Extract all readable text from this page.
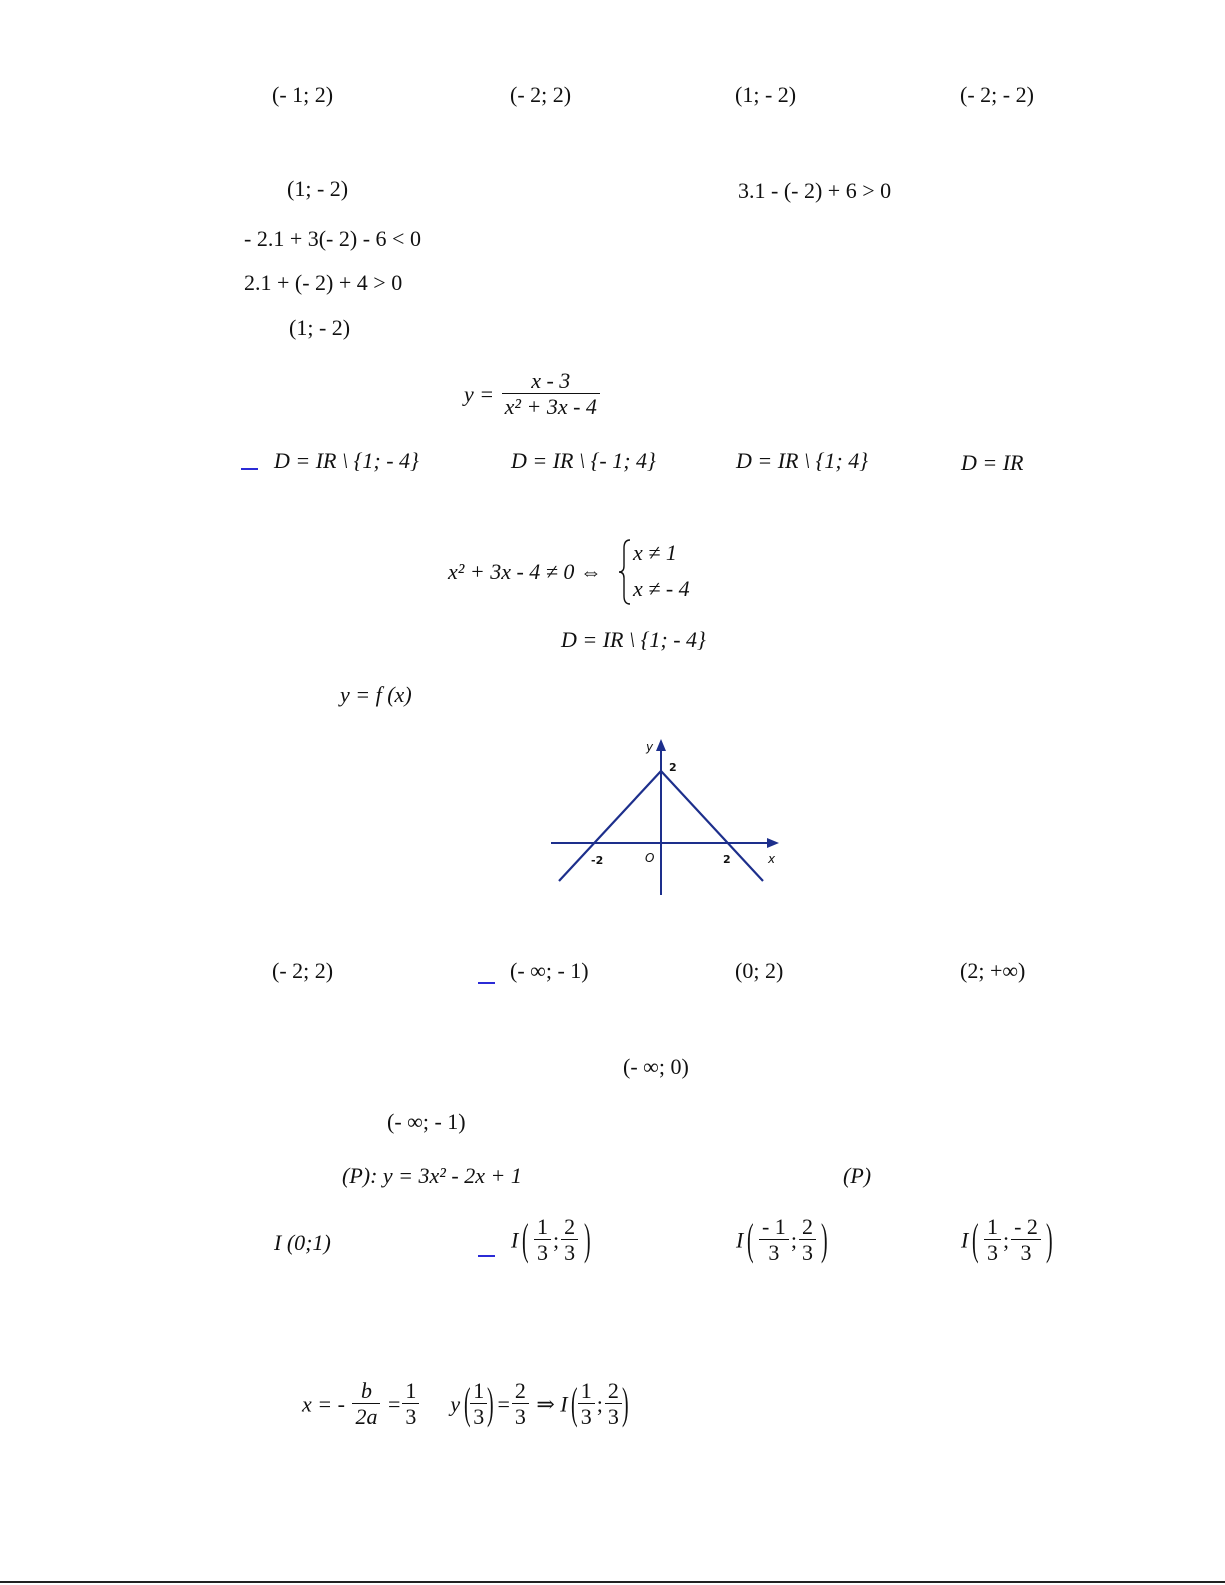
(- 1; 2)	(- 2; 2)	(1; - 2)	(- 2; - 2)
(1; - 2)	3.1 - (- 2) + 6 > 0
- 2.1 + 3(- 2) - 6 < 0
2.1 + (- 2) + 4 > 0
(1; - 2)
$y = \frac{x - 3}{\text{x² + 3x - 4}}$
D = IR \ {1; - 4}	D = IR \ {- 1; 4}	D = IR \ {1; 4}	D = IR
x² + 3x - 4 ≠ 0 ⇔
x ≠ 1
x ≠ - 4
D = IR \ {1; - 4}
y = f (x)
y
2
-2	O	2	x
(- 2; 2)	(- ∞; - 1)	(0; 2)	(2; +∞)
(- ∞; 0)
(- ∞; - 1)
(P): y = 3x² - 2x + 1	(P)
I (0;1)	I ( $\frac{1}{3}$ ; $\frac{2}{3}$ )	I ( $\frac{- 1}{3}$ ; $\frac{2}{3}$ )	I ( $\frac{1}{3}$ ; $\frac{- 2}{3}$ )
x = - $\frac{b}{2a} = \frac{1}{3}$ y ( $\frac{1}{3}$ ) = $\frac{2}{3}$ ⇒ I ( $\frac{1}{3}$ ; $\frac{2}{3}$ )
